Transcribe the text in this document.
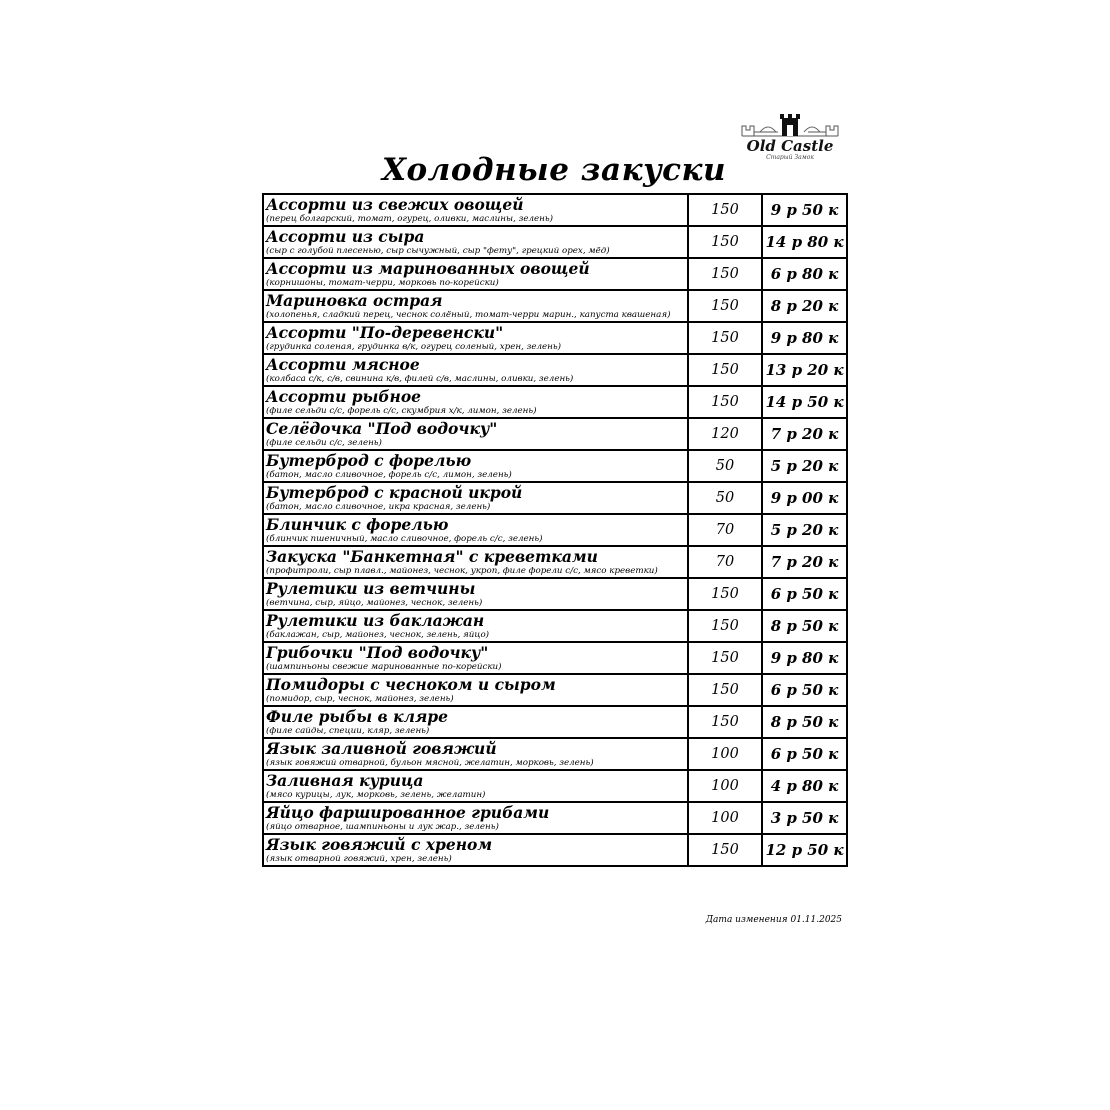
Old Castle
Старый Замок
Холодные закуски
Ассорти из свежих овощей
(перец болгарский, томат, огурец, оливки, маслины, зелень)	150	9 р 50 к

Ассорти из сыра
(сыр с голубой плесенью, сыр сычужный, сыр "фету", грецкий орех, мёд)	150	14 р 80 к

Ассорти из маринованных овощей
(корнишоны, томат-черри, морковь по-корейски)	150	6 р 80 к

Мариновка острая
(холопенья, сладкий перец, чеснок солёный, томат-черри марин., капуста квашеная)	150	8 р 20 к

Ассорти "По-деревенски"
(грудинка соленая, грудинка в/к, огурец соленый, хрен, зелень)	150	9 р 80 к

Ассорти мясное
(колбаса с/к, с/в, свинина к/в, филей с/в, маслины, оливки, зелень)	150	13 р 20 к

Ассорти рыбное
(филе сельди с/с, форель с/с, скумбрия х/к, лимон, зелень)	150	14 р 50 к

Селёдочка "Под водочку"
(филе сельди с/с, зелень)	120	7 р 20 к

Бутерброд с форелью
(батон, масло сливочное, форель с/с, лимон, зелень)	50	5 р 20 к

Бутерброд с красной икрой
(батон, масло сливочное, икра красная, зелень)	50	9 р 00 к

Блинчик с форелью
(блинчик пшеничный, масло сливочное, форель с/с, зелень)	70	5 р 20 к

Закуска "Банкетная" с креветками
(профитроли, сыр плавл., майонез, чеснок, укроп, филе форели с/с, мясо креветки)	70	7 р 20 к

Рулетики из ветчины
(ветчина, сыр, яйцо, майонез, чеснок, зелень)	150	6 р 50 к

Рулетики из баклажан
(баклажан, сыр, майонез, чеснок, зелень, яйцо)	150	8 р 50 к

Грибочки "Под водочку"
(шампиньоны свежие маринованные по-корейски)	150	9 р 80 к

Помидоры с чесноком и сыром
(помидор, сыр, чеснок, майонез, зелень)	150	6 р 50 к

Филе рыбы в кляре
(филе сайды, специи, кляр, зелень)	150	8 р 50 к

Язык заливной говяжий
(язык говяжий отварной, бульон мясной, желатин, морковь, зелень)	100	6 р 50 к

Заливная курица
(мясо курицы, лук, морковь, зелень, желатин)	100	4 р 80 к

Яйцо фаршированное грибами
(яйцо отварное, шампиньоны и лук жар., зелень)	100	3 р 50 к

Язык говяжий с хреном
(язык отварной говяжий, хрен, зелень)	150	12 р 50 к
Дата изменения 01.11.2025
